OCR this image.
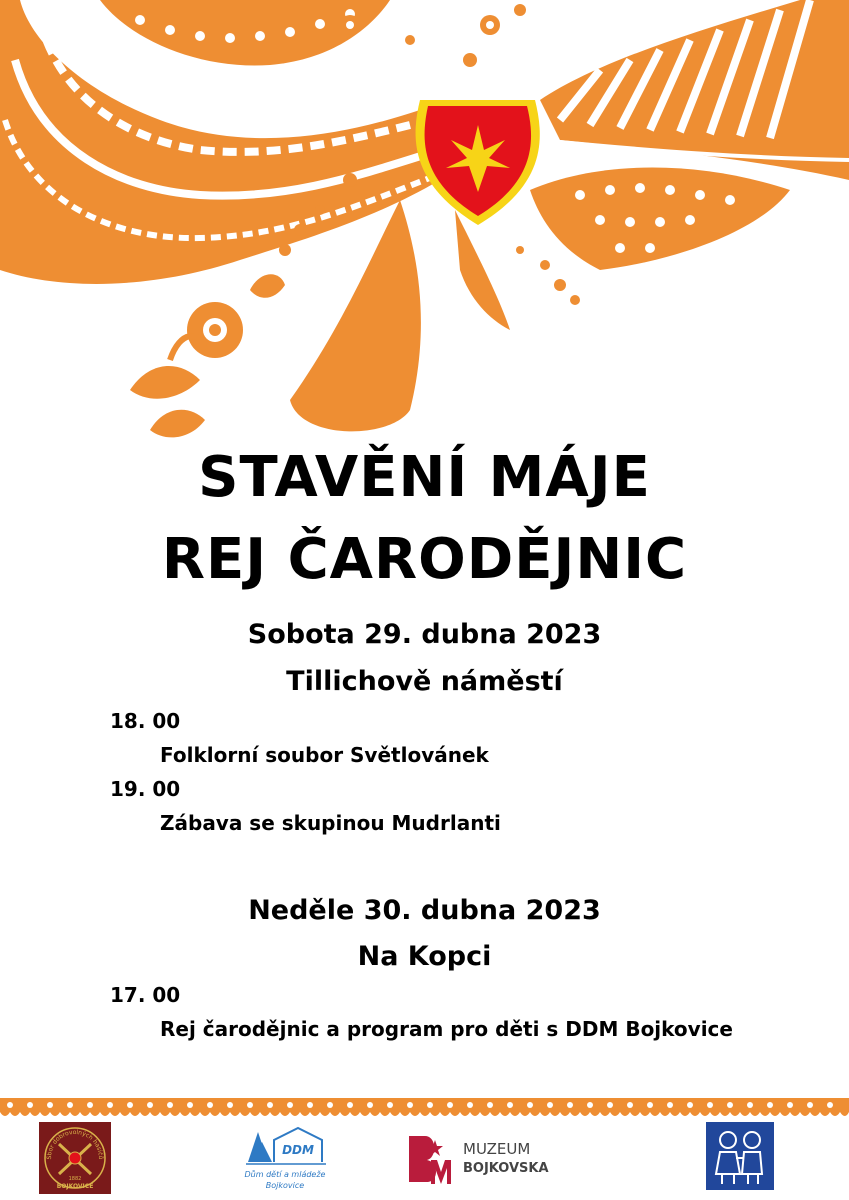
STAVĚNÍ MÁJE
REJ ČARODĚJNIC
Sobota 29. dubna 2023
Tillichově náměstí
18. 00
Folklorní soubor Světlovánek
19. 00
Zábava se skupinou Mudrlanti
Neděle 30. dubna 2023
Na Kopci
17. 00
Rej čarodějnic a program pro děti s DDM Bojkovice
Sbor dobrovolných hasičů
1882
BOJKOVICE
DDM
Dům dětí a mládeže
Bojkovice
MUZEUM
BOJKOVSKA
